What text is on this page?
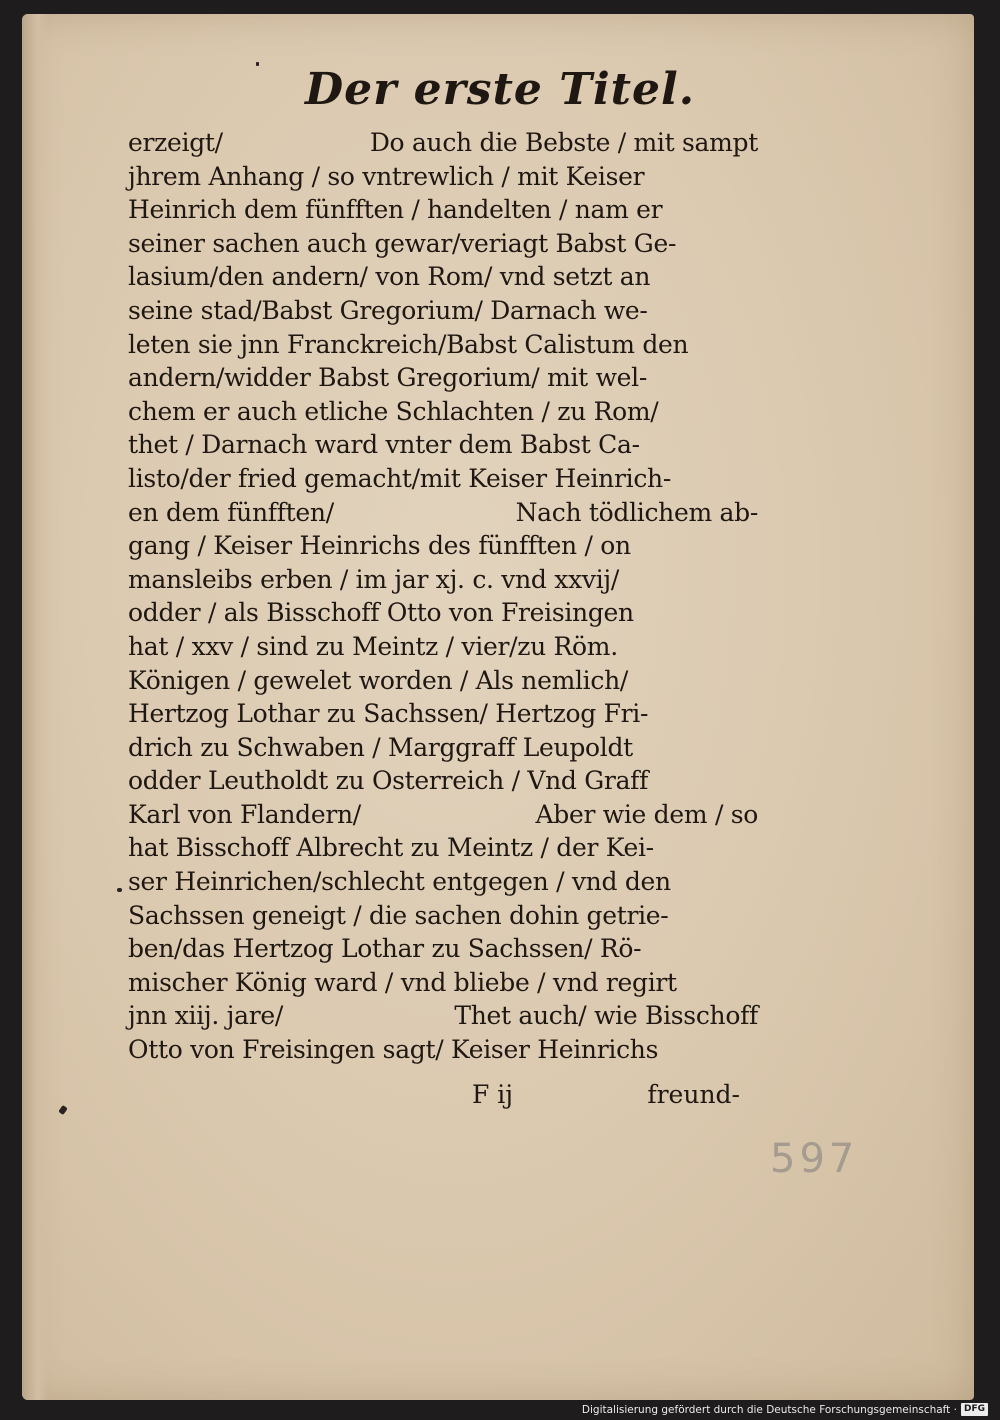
Der erste Titel.
erzeigt/	Do auch die Bebste / mit sampt
jhrem Anhang / so vntrewlich / mit Keiser
Heinrich dem fünfften / handelten / nam er
seiner sachen auch gewar/veriagt Babst Ge-
lasium/den andern/ von Rom/ vnd setzt an
seine stad/Babst Gregorium/ Darnach we-
leten sie jnn Franckreich/Babst Calistum den
andern/widder Babst Gregorium/ mit wel-
chem er auch etliche Schlachten / zu Rom/
thet / Darnach ward vnter dem Babst Ca-
listo/der fried gemacht/mit Keiser Heinrich-
en dem fünfften/	Nach tödlichem ab-
gang / Keiser Heinrichs des fünfften / on
mansleibs erben / im jar xj. c. vnd xxvij/
odder / als Bisschoff Otto von Freisingen
hat / xxv / sind zu Meintz / vier/zu Röm.
Königen / gewelet worden / Als nemlich/
Hertzog Lothar zu Sachssen/ Hertzog Fri-
drich zu Schwaben / Marggraff Leupoldt
odder Leutholdt zu Osterreich / Vnd Graff
Karl von Flandern/	Aber wie dem / so
hat Bisschoff Albrecht zu Meintz / der Kei-
ser Heinrichen/schlecht entgegen / vnd den
Sachssen geneigt / die sachen dohin getrie-
ben/das Hertzog Lothar zu Sachssen/ Rö-
mischer König ward / vnd bliebe / vnd regirt
jnn xiij. jare/	Thet auch/ wie Bisschoff
Otto von Freisingen sagt/ Keiser Heinrichs
F ij	freund-
597
Digitalisierung gefördert durch die Deutsche Forschungsgemeinschaft · DFG
